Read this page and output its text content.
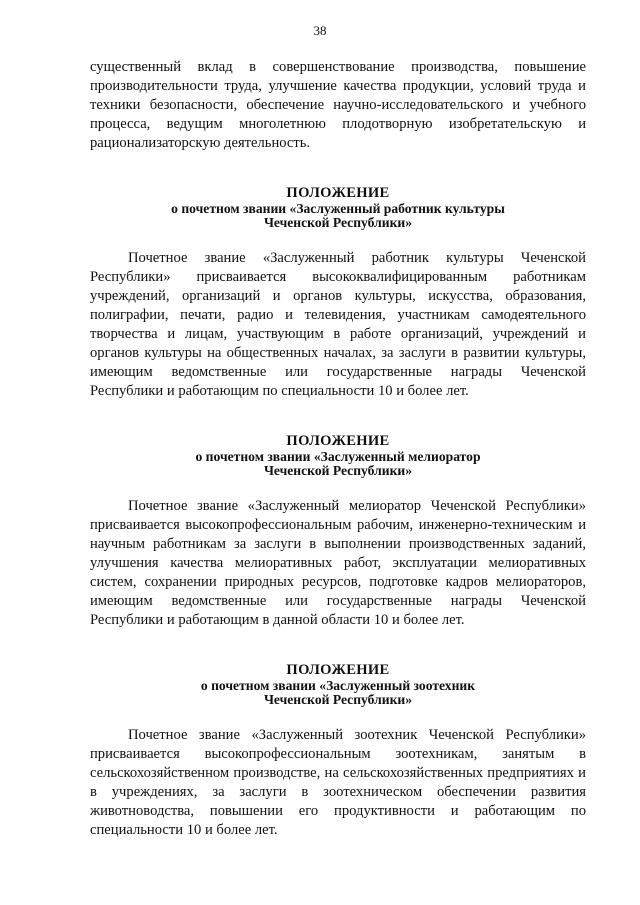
38

существенный вклад в совершенствование производства, повышение производительности труда, улучшение качества продукции, условий труда и техники безопасности, обеспечение научно-исследовательского и учебного процесса, ведущим многолетнюю плодотворную изобретательскую и рационализаторскую деятельность.

ПОЛОЖЕНИЕ
о почетном звании «Заслуженный работник культуры
Чеченской Республики»

Почетное звание «Заслуженный работник культуры Чеченской Республики» присваивается высококвалифицированным работникам учреждений, организаций и органов культуры, искусства, образования, полиграфии, печати, радио и телевидения, участникам самодеятельного творчества и лицам, участвующим в работе организаций, учреждений и органов культуры на общественных началах, за заслуги в развитии культуры, имеющим ведомственные или государственные награды Чеченской Республики и работающим по специальности 10 и более лет.

ПОЛОЖЕНИЕ
о почетном звании «Заслуженный мелиоратор
Чеченской Республики»

Почетное звание «Заслуженный мелиоратор Чеченской Республики» присваивается высокопрофессиональным рабочим, инженерно-техническим и научным работникам за заслуги в выполнении производственных заданий, улучшения качества мелиоративных работ, эксплуатации мелиоративных систем, сохранении природных ресурсов, подготовке кадров мелиораторов, имеющим ведомственные или государственные награды Чеченской Республики и работающим в данной области 10 и более лет.

ПОЛОЖЕНИЕ
о почетном звании «Заслуженный зоотехник
Чеченской Республики»

Почетное звание «Заслуженный зоотехник Чеченской Республики» присваивается высокопрофессиональным зоотехникам, занятым в сельскохозяйственном производстве, на сельскохозяйственных предприятиях и в учреждениях, за заслуги в зоотехническом обеспечении развития животноводства, повышении его продуктивности и работающим по специальности 10 и более лет.
